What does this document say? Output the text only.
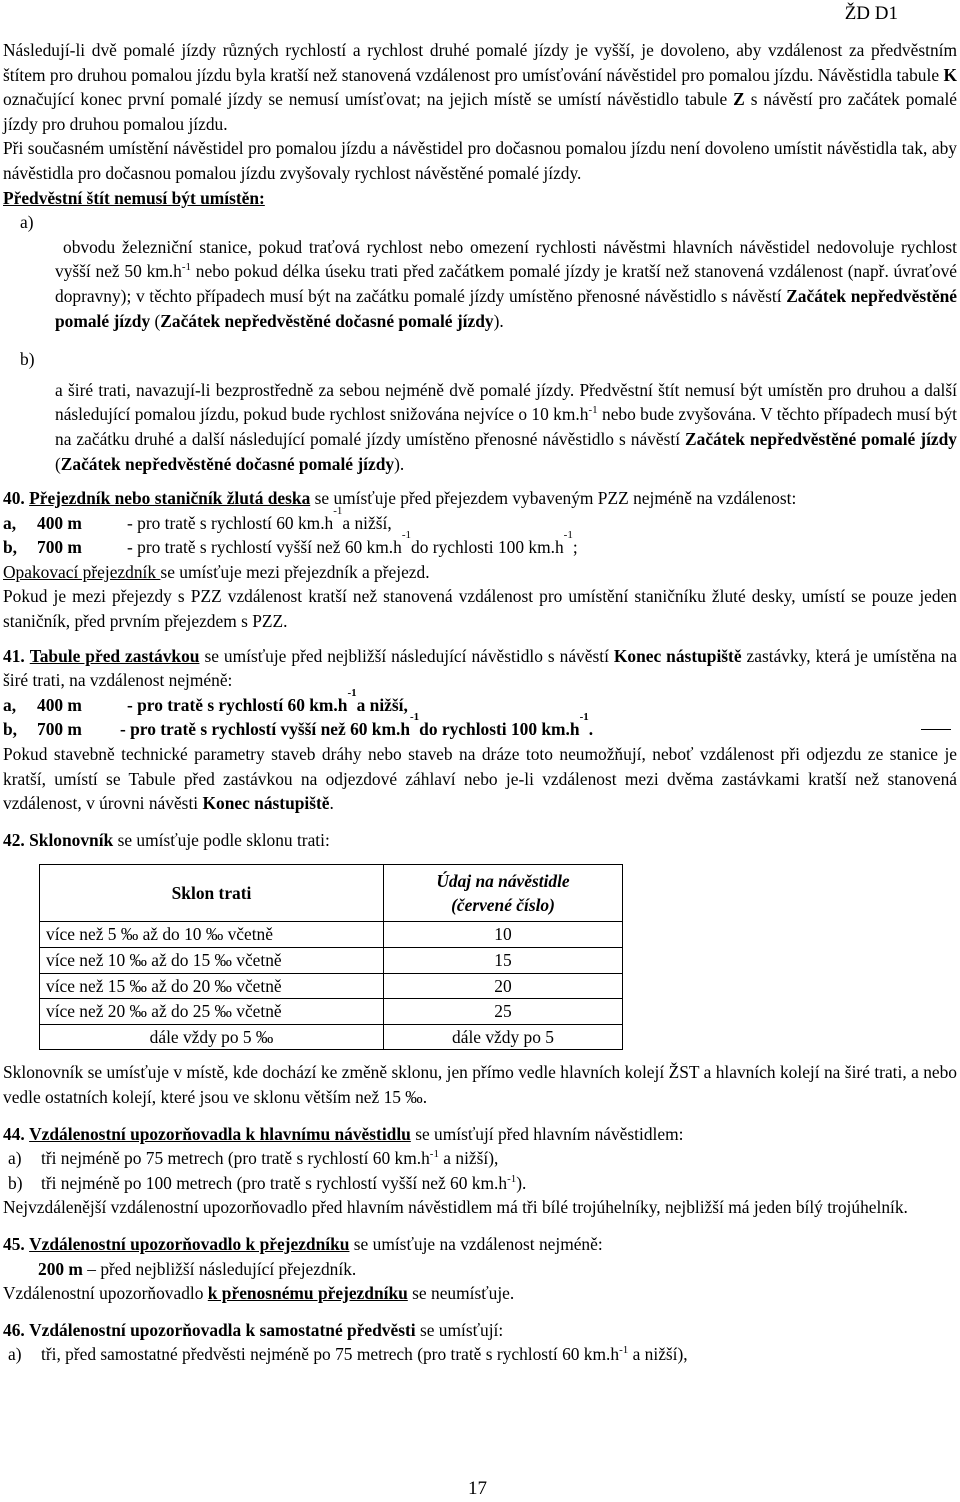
ŽD D1

Následují-li dvě pomalé jízdy různých rychlostí a rychlost druhé pomalé jízdy je vyšší, je dovoleno, aby vzdálenost za předvěstním štítem pro druhou pomalou jízdu byla kratší než stanovená vzdálenost pro umísťování návěstidel pro pomalou jízdu. Návěstidla tabule K označující konec první pomalé jízdy se nemusí umísťovat; na jejich místě se umístí návěstidlo tabule Z s návěstí pro začátek pomalé jízdy pro druhou pomalou jízdu.

Při současném umístění návěstidel pro pomalou jízdu a návěstidel pro dočasnou pomalou jízdu není dovoleno umístit návěstidla tak, aby návěstidla pro dočasnou pomalou jízdu zvyšovaly rychlost návěstěné pomalé jízdy.

Předvěstní štít nemusí být umístěn:

a)

obvodu železniční stanice, pokud traťová rychlost nebo omezení rychlosti návěstmi hlavních návěstidel nedovoluje rychlost vyšší než 50 $km.h^{-1}$ nebo pokud délka úseku trati před začátkem pomalé jízdy je kratší než stanovená vzdálenost (např. úvraťové dopravny); v těchto případech musí být na začátku pomalé jízdy umístěno přenosné návěstidlo s návěstí Začátek nepředvěstěné pomalé jízdy (Začátek nepředvěstěné dočasné pomalé jízdy).

b)

a širé trati, navazují-li bezprostředně za sebou nejméně dvě pomalé jízdy. Předvěstní štít nemusí být umístěn pro druhou a další následující pomalou jízdu, pokud bude rychlost snižována nejvíce o 10 $km.h^{-1}$ nebo bude zvyšována. V těchto případech musí být na začátku druhé a další následující pomalé jízdy umístěno přenosné návěstidlo s návěstí Začátek nepředvěstěné pomalé jízdy (Začátek nepředvěstěné dočasné pomalé jízdy).

40. Přejezdník nebo staničník žlutá deska se umísťuje před přejezdem vybaveným PZZ nejméně na vzdálenost:

a,	400 m	- pro tratě s rychlostí 60 km.h
-1
a nižší,
b,	700 m	- pro tratě s rychlostí vyšší než 60 km.h
-1
do rychlosti 100 km.h
-1
;

Opakovací přejezdník se umísťuje mezi přejezdník a přejezd.

Pokud je mezi přejezdy s PZZ vzdálenost kratší než stanovená vzdálenost pro umístění staničníku žluté desky, umístí se pouze jeden staničník, před prvním přejezdem s PZZ.

41. Tabule před zastávkou se umísťuje před nejbližší následující návěstidlo s návěstí Konec nástupiště zastávky, která je umístěna na širé trati, na vzdálenost nejméně:

a,	400 m	- pro tratě s rychlostí 60 km.h
-1
a nižší,
b,	700 m	- pro tratě s rychlostí vyšší než 60 km.h
-1
do rychlosti 100 km.h
-1
.

Pokud stavebně technické parametry staveb dráhy nebo staveb na dráze toto neumožňují, neboť vzdálenost při odjezdu ze stanice je kratší, umístí se Tabule před zastávkou na odjezdové záhlaví nebo je-li vzdálenost mezi dvěma zastávkami kratší než stanovená vzdálenost, v úrovni návěsti Konec nástupiště.

42. Sklonovník se umísťuje podle sklonu trati:

Sklon trati	Údaj na návěstidle
(červené číslo)
více než 5 ‰ až do 10 ‰ včetně	10
více než 10 ‰ až do 15 ‰ včetně	15
více než 15 ‰ až do 20 ‰ včetně	20
více než 20 ‰ až do 25 ‰ včetně	25
dále vždy po 5 ‰	dále vždy po 5

Sklonovník se umísťuje v místě, kde dochází ke změně sklonu, jen přímo vedle hlavních kolejí ŽST a hlavních kolejí na širé trati, a nebo vedle ostatních kolejí, které jsou ve sklonu větším než 15 ‰.

44. Vzdálenostní upozorňovadla k hlavnímu návěstidlu se umísťují před hlavním návěstidlem:

a) tři nejméně po 75 metrech (pro tratě s rychlostí 60 $km.h^{-1}$ a nižší),
b) tři nejméně po 100 metrech (pro tratě s rychlostí vyšší než 60 $km.h^{-1}$).

Nejvzdálenější vzdálenostní upozorňovadlo před hlavním návěstidlem má tři bílé trojúhelníky, nejbližší má jeden bílý trojúhelník.

45. Vzdálenostní upozorňovadlo k přejezdníku se umísťuje na vzdálenost nejméně:

200 m – před nejbližší následující přejezdník.

Vzdálenostní upozorňovadlo k přenosnému přejezdníku se neumísťuje.

46. Vzdálenostní upozorňovadla k samostatné předvěsti se umísťují:

a) tři, před samostatné předvěsti nejméně po 75 metrech (pro tratě s rychlostí 60 $km.h^{-1}$ a nižší),
17
